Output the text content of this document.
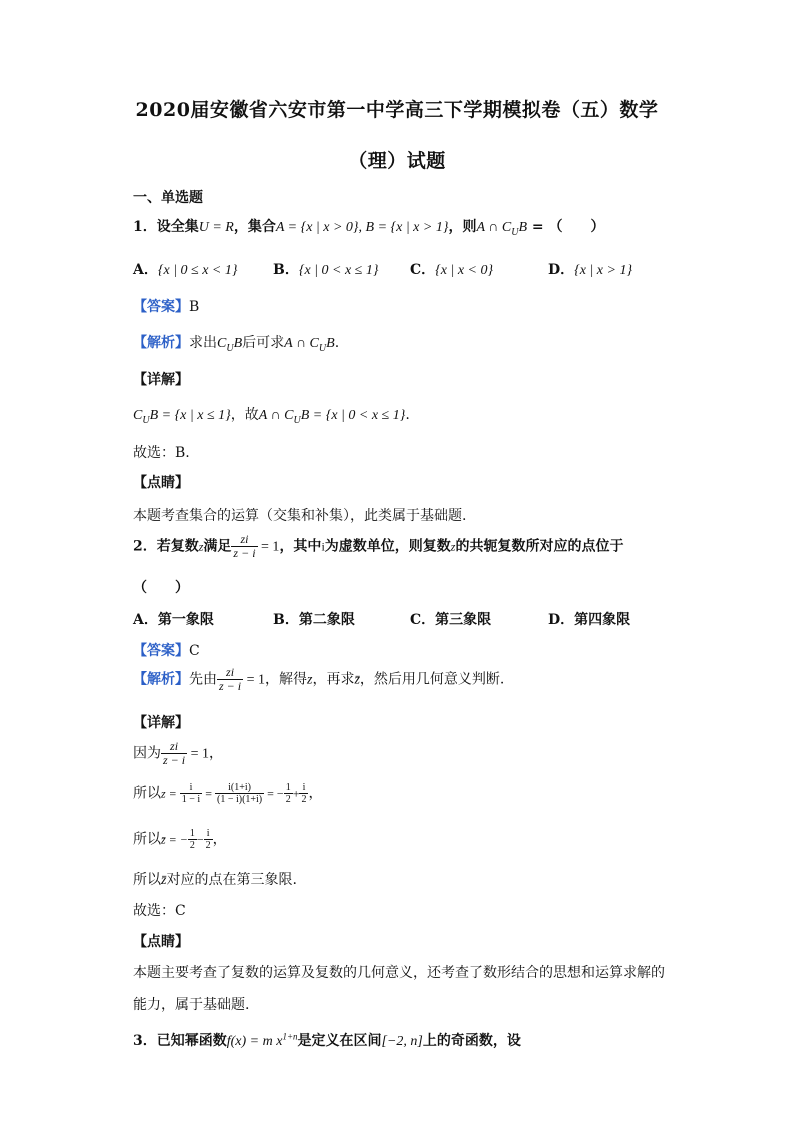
2020届安徽省六安市第一中学高三下学期模拟卷（五）数学
（理）试题
一、单选题
1．设全集U = R，集合A = {x | x > 0}, B = {x | x > 1}，则A ∩ $C_UB$ = （　　）
A．{x | 0 ≤ x < 1}	B．{x | 0 < x ≤ 1} C．{x | x < 0}	D．{x | x > 1}
【答案】B
【解析】求出$C_UB$后可求A ∩ $C_UB$.
【详解】
$C_UB = \{x$ | x ≤ 1}，故A ∩ $C_UB = \{x$ | 0 < x ≤ 1}.
故选：B.
【点睛】
本题考查集合的运算（交集和补集），此类属于基础题.
2．若复数z满足 $\frac{zi}{z - i} = 1$，其中i为虚数单位，则复数z的共轭复数所对应的点位于
（　　）
A．第一象限	B．第二象限	C．第三象限	D．第四象限
【答案】C
【解析】先由 $\frac{zi}{z - i} = 1$，解得z，再求z̄，然后用几何意义判断.
【详解】
因为 $\frac{zi}{z - i} = 1$，
所以$z = \frac{i}{1 - i} = \frac{i(1+i)}{(1 - i)(1+i)}$ = − $\frac{1}{2} + \frac{i}{2}$ ，
所以z̄ = − $\frac{1}{2} - \frac{i}{2}$ ，
所以z̄对应的点在第三象限.
故选：C
【点睛】
本题主要考查了复数的运算及复数的几何意义，还考查了数形结合的思想和运算求解的
能力，属于基础题.
3．已知幂函数f(x) = m $x^{1+n}$是定义在区间[−2, n]上的奇函数，设
